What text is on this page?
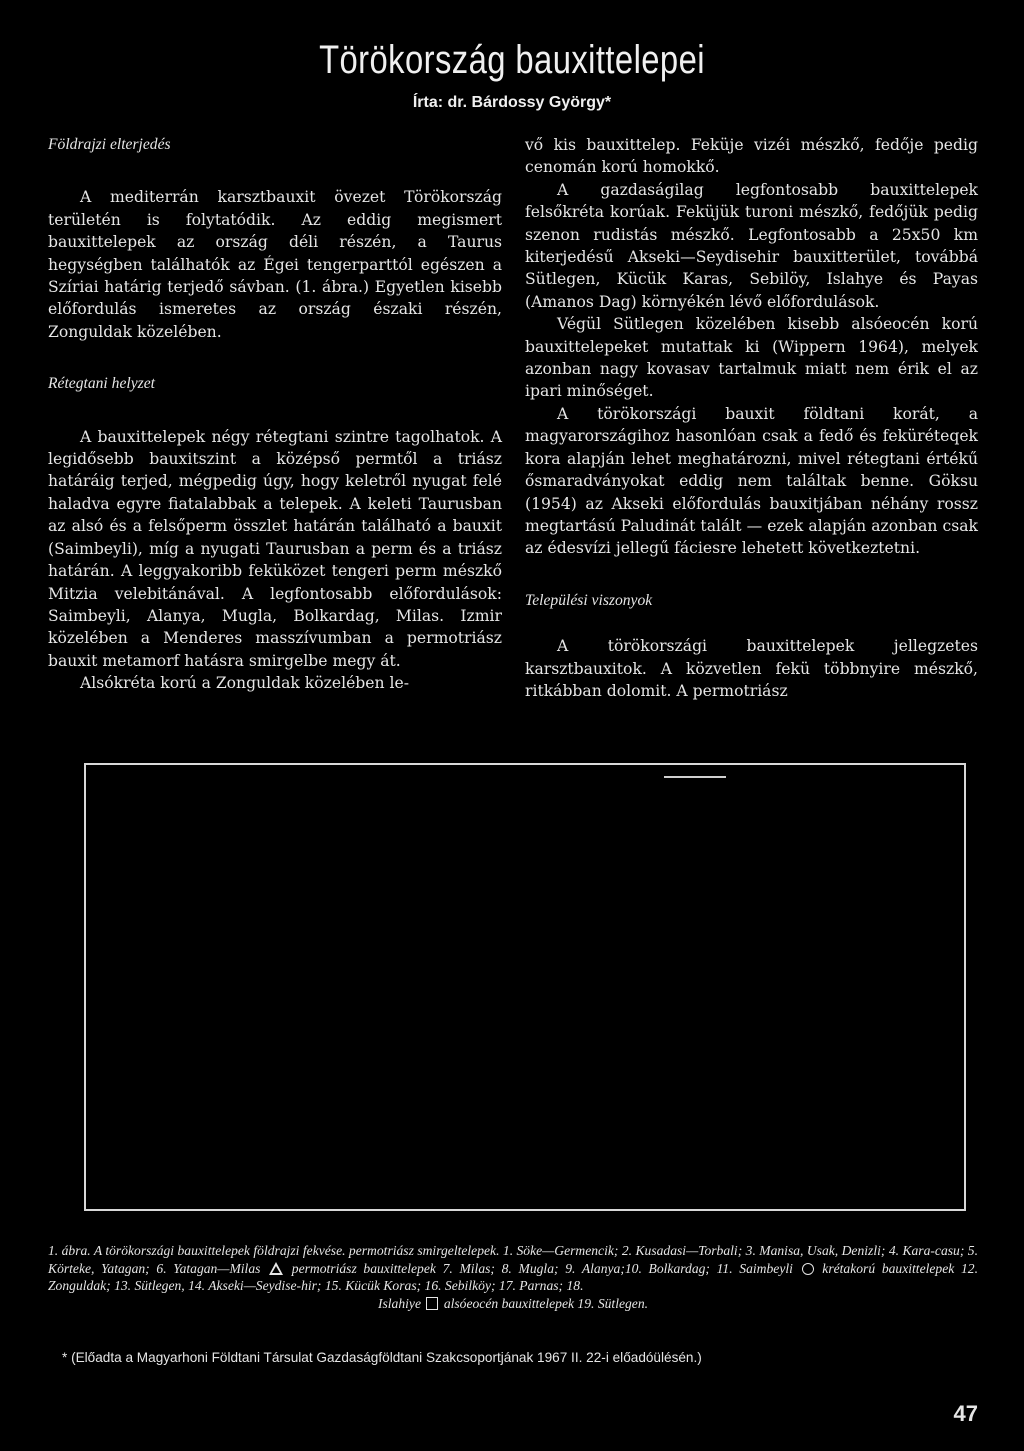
Törökország bauxittelepei
Írta: dr. Bárdossy György*
Földrajzi elterjedés

A mediterrán karsztbauxit övezet Törökország területén is folytatódik. Az eddig megismert bauxittelepek az ország déli részén, a Taurus hegységben találhatók az Égei tengerparttól egészen a Szíriai határig terjedő sávban. (1. ábra.) Egyetlen kisebb előfordulás ismeretes az ország északi részén, Zonguldak közelében.

Rétegtani helyzet

A bauxittelepek négy rétegtani szintre tagolhatok. A legidősebb bauxitszint a középső permtől a triász határáig terjed, mégpedig úgy, hogy keletről nyugat felé haladva egyre fiatalabbak a telepek. A keleti Taurusban az alsó és a felsőperm összlet határán található a bauxit (Saimbeyli), míg a nyugati Taurusban a perm és a triász határán. A leggyakoribb feküközet tengeri perm mészkő Mitzia velebitánával. A legfontosabb előfordulások: Saimbeyli, Alanya, Mugla, Bolkardag, Milas. Izmir közelében a Menderes masszívumban a permotriász bauxit metamorf hatásra smirgelbe megy át.

Alsókréta korú a Zonguldak közelében le-

vő kis bauxittelep. Feküje vizéi mészkő, fedője pedig cenomán korú homokkő.

A gazdaságilag legfontosabb bauxittelepek felsőkréta korúak. Feküjük turoni mészkő, fedőjük pedig szenon rudistás mészkő. Legfontosabb a 25x50 km kiterjedésű Akseki—Seydisehir bauxitterület, továbbá Sütlegen, Kücük Karas, Sebilöy, Islahye és Payas (Amanos Dag) környékén lévő előfordulások.

Végül Sütlegen közelében kisebb alsóeocén korú bauxittelepeket mutattak ki (Wippern 1964), melyek azonban nagy kovasav tartalmuk miatt nem érik el az ipari minőséget.

A törökországi bauxit földtani korát, a magyarországihoz hasonlóan csak a fedő és feküréteqek kora alapján lehet meghatározni, mivel rétegtani értékű ősmaradványokat eddig nem találtak benne. Göksu (1954) az Akseki előfordulás bauxitjában néhány rossz megtartású Paludinát talált — ezek alapján azonban csak az édesvízi jellegű fáciesre lehetett következtetni.

Települési viszonyok

A törökországi bauxittelepek jellegzetes karsztbauxitok. A közvetlen fekü többnyire mészkő, ritkábban dolomit. A permotriász

1. ábra. A törökországi bauxittelepek földrajzi fekvése. permotriász smirgeltelepek. 1. Söke—Germencik; 2. Kusadasi—Torbali; 3. Manisa, Usak, Denizli; 4. Kara-casu; 5. Körteke, Yatagan; 6. Yatagan—Milas permotriász bauxittelepek 7. Milas; 8. Mugla; 9. Alanya;10. Bolkardag; 11. Saimbeyli krétakorú bauxittelepek 12. Zonguldak; 13. Sütlegen, 14. Akseki—Seydise-hir; 15. Kücük Koras; 16. Sebilköy; 17. Parnas; 18.
Islahiye alsóeocén bauxittelepek 19. Sütlegen.
* (Előadta a Magyarhoni Földtani Társulat Gazdaságföldtani Szakcsoportjának 1967 II. 22-i előadóülésén.)
47
